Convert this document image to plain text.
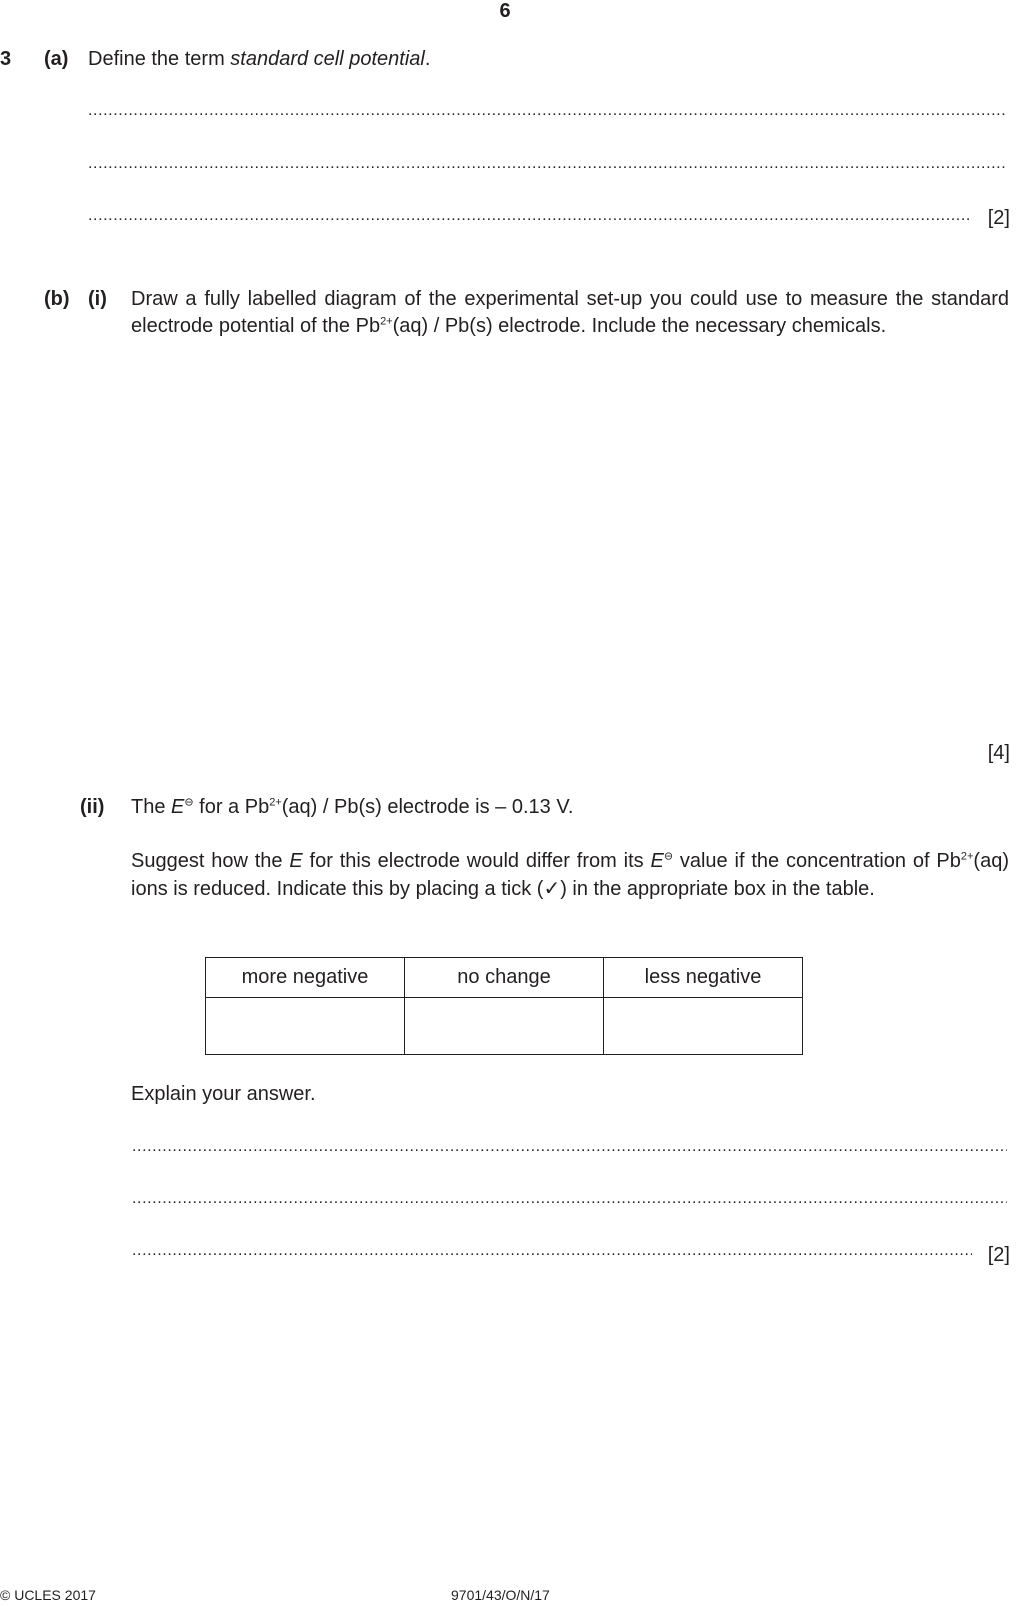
6
3 (a) Define the term standard cell potential.
.....
.....
.....
[2]
(b) (i) Draw a fully labelled diagram of the experimental set-up you could use to measure the standard electrode potential of the $Pb^{2+}(aq) / Pb(s)$ electrode. Include the necessary chemicals.
[4]
(ii) The E⊖ for a $Pb^{2+}(aq) / Pb(s)$ electrode is – 0.13 V.
Suggest how the E for this electrode would differ from its E⊖ value if the concentration of $Pb^{2+}(aq)$ ions is reduced. Indicate this by placing a tick (✓) in the appropriate box in the table.
more negative	no change	less negative

Explain your answer.
.....
.....
.....
[2]
© UCLES 2017	9701/43/O/N/17
